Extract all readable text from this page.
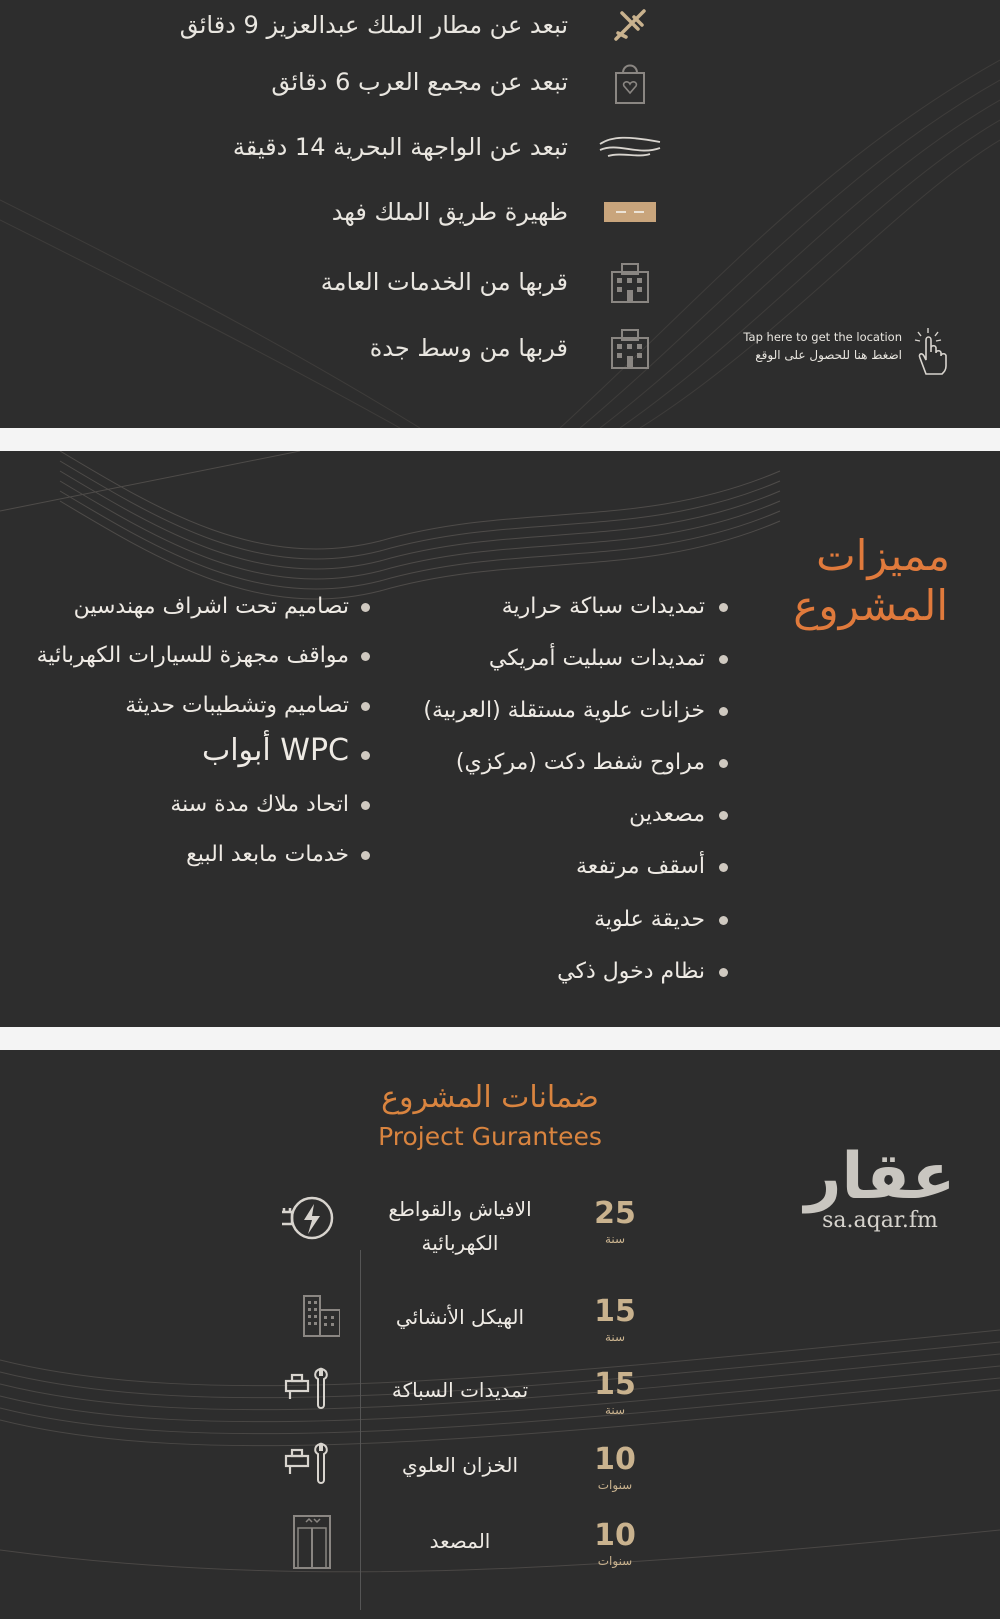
تبعد عن مطار الملك عبدالعزيز 9 دقائق
تبعد عن مجمع العرب 6 دقائق
تبعد عن الواجهة البحرية 14 دقيقة
ظهيرة طريق الملك فهد
قربها من الخدمات العامة
قربها من وسط جدة	Tap here to get the location
اضغط هنا للحصول على الوقع
مميزات
المشروع
تمديدات سباكة حرارية
تمديدات سبليت أمريكي
خزانات علوية مستقلة (العربية)
مراوح شفط دكت (مركزي)
مصعدين
أسقف مرتفعة
حديقة علوية
نظام دخول ذكي
تصاميم تحت اشراف مهندسين
مواقف مجهزة للسيارات الكهربائية
تصاميم وتشطيبات حديثة
أبواب WPC
اتحاد ملاك مدة سنة
خدمات مابعد البيع
ضمانات المشروع
Project Gurantees
الافياش والقواطع الكهربائية
25
سنة
الهيكل الأنشائي	15
سنة
تمديدات السباكة	15
سنة
الخزان العلوي	10
سنوات
المصعد	10
سنوات
عقار
sa.aqar.fm
